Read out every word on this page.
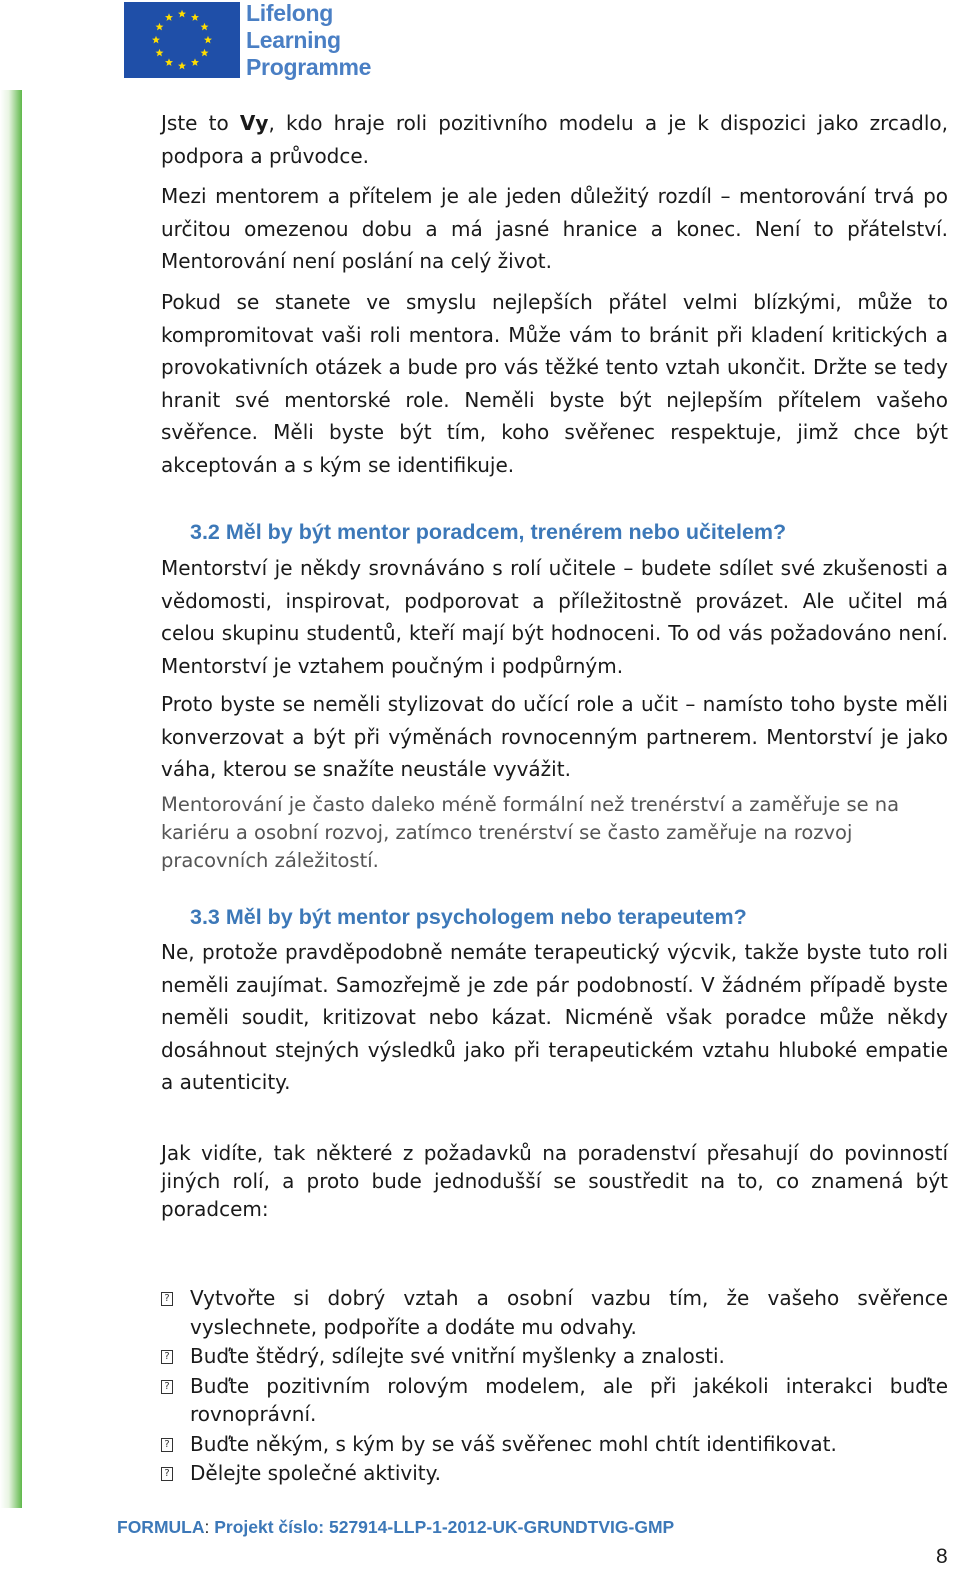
Lifelong
Learning
Programme

Jste to Vy, kdo hraje roli pozitivního modelu a je k dispozici jako zrcadlo, podpora a průvodce.

Mezi mentorem a přítelem je ale jeden důležitý rozdíl – mentorování trvá po určitou omezenou dobu a má jasné hranice a konec. Není to přátelství. Mentorování není poslání na celý život.

Pokud se stanete ve smyslu nejlepších přátel velmi blízkými, může to kompromitovat vaši roli mentora. Může vám to bránit při kladení kritických a provokativních otázek a bude pro vás těžké tento vztah ukončit. Držte se tedy hranit své mentorské role. Neměli byste být nejlepším přítelem vašeho svěřence. Měli byste být tím, koho svěřenec respektuje, jimž chce být akceptován a s kým se identifikuje.

3.2 Měl by být mentor poradcem, trenérem nebo učitelem?

Mentorství je někdy srovnáváno s rolí učitele – budete sdílet své zkušenosti a vědomosti, inspirovat, podporovat a příležitostně provázet. Ale učitel má celou skupinu studentů, kteří mají být hodnoceni. To od vás požadováno není. Mentorství je vztahem poučným i podpůrným.

Proto byste se neměli stylizovat do učící role a učit – namísto toho byste měli konverzovat a být při výměnách rovnocenným partnerem. Mentorství je jako váha, kterou se snažíte neustále vyvážit.

Mentorování je často daleko méně formální než trenérství a zaměřuje se na kariéru a osobní rozvoj, zatímco trenérství se často zaměřuje na rozvoj pracovních záležitostí.

3.3 Měl by být mentor psychologem nebo terapeutem?

Ne, protože pravděpodobně nemáte terapeutický výcvik, takže byste tuto roli neměli zaujímat. Samozřejmě je zde pár podobností. V žádném případě byste neměli soudit, kritizovat nebo kázat. Nicméně však poradce může někdy dosáhnout stejných výsledků jako při terapeutickém vztahu hluboké empatie a autenticity.

Jak vidíte, tak některé z požadavků na poradenství přesahují do povinností jiných rolí, a proto bude jednodušší se soustředit na to, co znamená být poradcem:

? Vytvořte si dobrý vztah a osobní vazbu tím, že vašeho svěřence vyslechnete, podpoříte a dodáte mu odvahy.
? Buďte štědrý, sdílejte své vnitřní myšlenky a znalosti.
? Buďte pozitivním rolovým modelem, ale při jakékoli interakci buďte rovnoprávní.
? Buďte někým, s kým by se váš svěřenec mohl chtít identifikovat.
? Dělejte společné aktivity.
FORMULA: Projekt číslo: 527914-LLP-1-2012-UK-GRUNDTVIG-GMP
8
